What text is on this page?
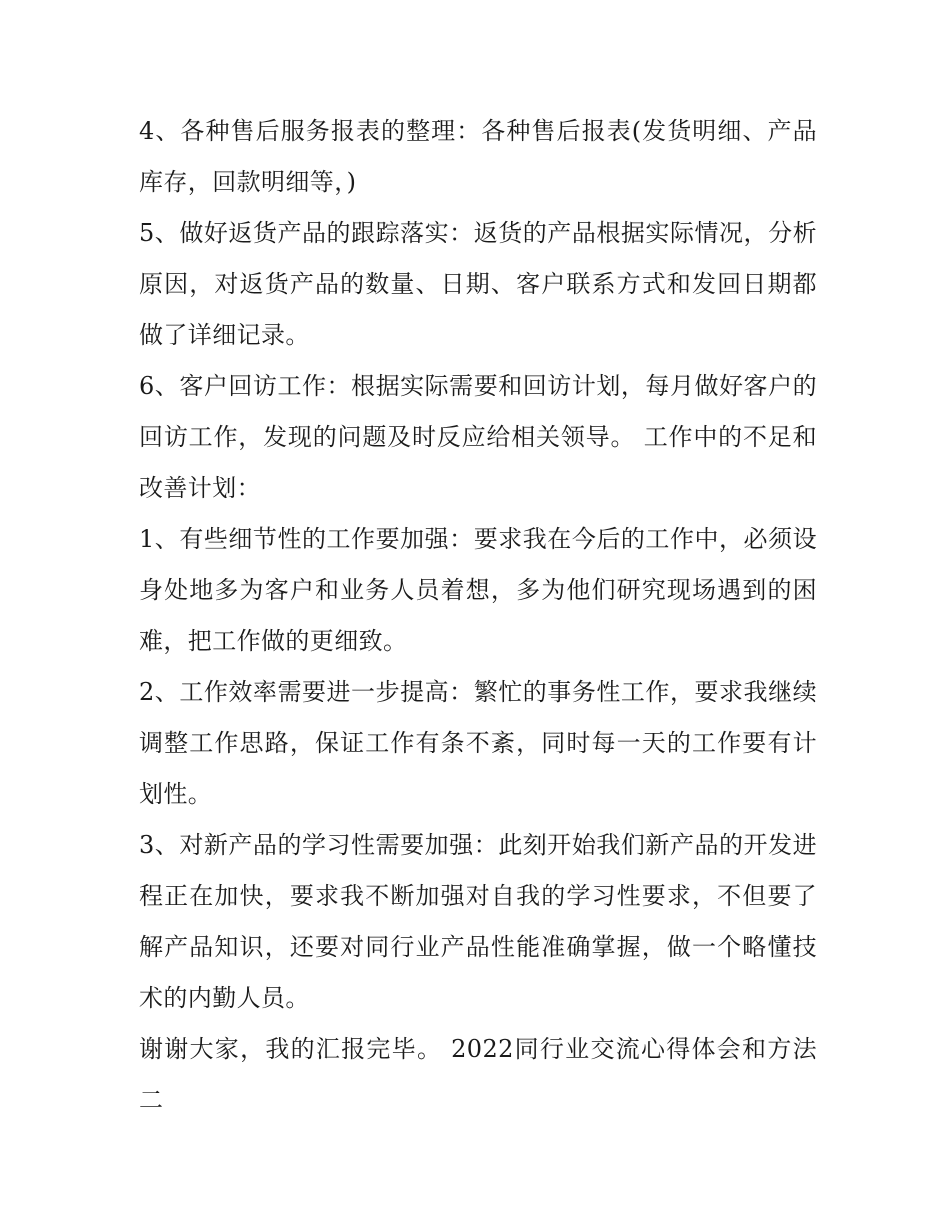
4、各种售后服务报表的整理：各种售后报表(发货明细、产品库存，回款明细等，)

5、做好返货产品的跟踪落实：返货的产品根据实际情况，分析原因，对返货产品的数量、日期、客户联系方式和发回日期都做了详细记录。

6、客户回访工作：根据实际需要和回访计划，每月做好客户的回访工作，发现的问题及时反应给相关领导。 工作中的不足和改善计划：

1、有些细节性的工作要加强：要求我在今后的工作中，必须设身处地多为客户和业务人员着想，多为他们研究现场遇到的困难，把工作做的更细致。

2、工作效率需要进一步提高：繁忙的事务性工作，要求我继续调整工作思路，保证工作有条不紊，同时每一天的工作要有计划性。

3、对新产品的学习性需要加强：此刻开始我们新产品的开发进程正在加快，要求我不断加强对自我的学习性要求，不但要了解产品知识，还要对同行业产品性能准确掌握，做一个略懂技术的内勤人员。

谢谢大家，我的汇报完毕。 2022同行业交流心得体会和方法二
